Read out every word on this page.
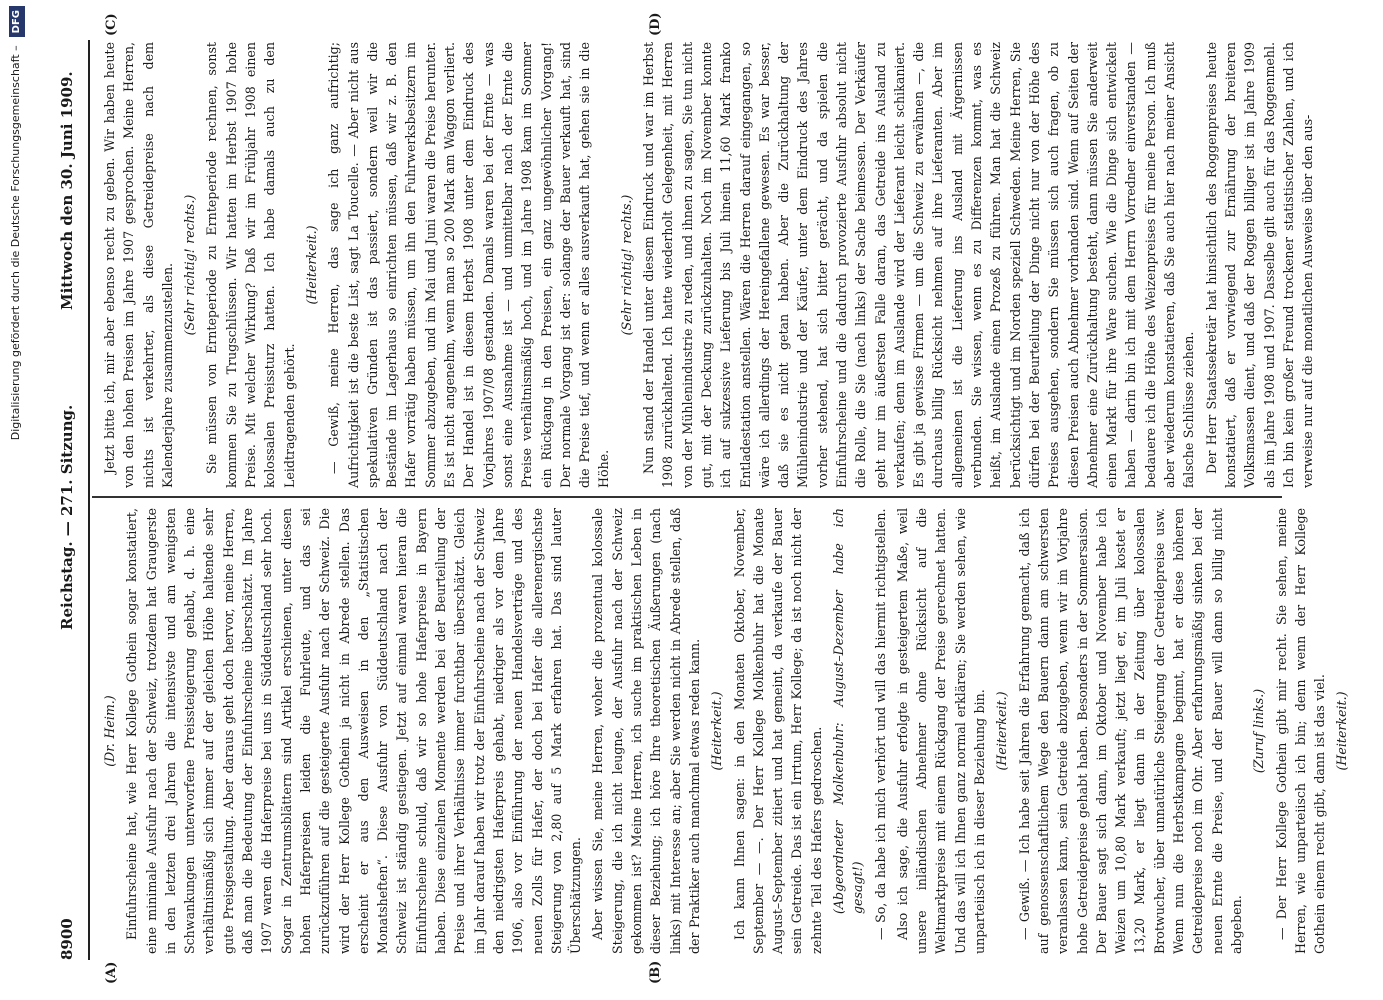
8900
Reichstag. — 271. Sitzung.
Mittwoch den 30. Juni 1909.
(A)	(B)
(C)	(D)

(Dr. Heim.) Einfuhrscheine hat, wie Herr Kollege Gothein sogar konstatiert, eine minimale Ausfuhr nach der Schweiz, trotzdem hat Graugerste in den letzten drei Jahren die intensivste und am wenigsten Schwankungen unterworfene Preissteigerung gehabt, d. h. eine verhältnismäßig sich immer auf der gleichen Höhe haltende sehr gute Preisgestaltung. Aber daraus geht doch hervor, meine Herren, daß man die Bedeutung der Einfuhrscheine überschätzt. Im Jahre 1907 waren die Haferpreise bei uns in Süddeutschland sehr hoch. Sogar in Zentrumsblättern sind Artikel erschienen, unter diesen hohen Haferpreisen leiden die Fuhrleute, und das sei zurückzuführen auf die gesteigerte Ausfuhr nach der Schweiz. Die wird der Herr Kollege Gothein ja nicht in Abrede stellen. Das erscheint er aus den Ausweisen in den „Statistischen Monatsheften“. Diese Ausfuhr von Süddeutschland nach der Schweiz ist ständig gestiegen. Jetzt auf einmal waren hieran die Einfuhrscheine schuld, daß wir so hohe Haferpreise in Bayern haben. Diese einzelnen Momente werden bei der Beurteilung der Preise und ihrer Verhältnisse immer furchtbar überschätzt. Gleich im Jahr darauf haben wir trotz der Einfuhrscheine nach der Schweiz den niedrigsten Haferpreis gehabt, niedriger als vor dem Jahre 1906, also vor Einführung der neuen Handelsverträge und des neuen Zolls für Hafer, der doch bei Hafer die allerenergischste Steigerung von 2,80 auf 5 Mark erfahren hat. Das sind lauter Überschätzungen. Aber wissen Sie, meine Herren, woher die prozentual kolossale Steigerung, die ich nicht leugne, der Ausfuhr nach der Schweiz gekommen ist? Meine Herren, ich suche im praktischen Leben in dieser Beziehung; ich höre Ihre theoretischen Äußerungen (nach links) mit Interesse an; aber Sie werden nicht in Abrede stellen, daß der Praktiker auch manchmal etwas reden kann. (Heiterkeit.) Ich kann Ihnen sagen: in den Monaten Oktober, November, September — —. Der Herr Kollege Molkenbuhr hat die Monate August–September zitiert und hat gemeint, da verkaufe der Bauer sein Getreide. Das ist ein Irrtum, Herr Kollege; da ist noch nicht der zehnte Teil des Hafers gedroschen. (Abgeordneter Molkenbuhr: August–Dezember habe ich gesagt!) — So, da habe ich mich verhört und will das hiermit richtigstellen. Also ich sage, die Ausfuhr erfolgte in gesteigertem Maße, weil unsere inländischen Abnehmer ohne Rücksicht auf die Weltmarktpreise mit einem Rückgang der Preise gerechnet hatten. Und das will ich Ihnen ganz normal erklären; Sie werden sehen, wie unparteiisch ich in dieser Beziehung bin. (Heiterkeit.) — Gewiß. — Ich habe seit Jahren die Erfahrung gemacht, daß ich auf genossenschaftlichem Wege den Bauern dann am schwersten veranlassen kann, sein Getreide abzugeben, wenn wir im Vorjahre hohe Getreidepreise gehabt haben. Besonders in der Sommersaison. Der Bauer sagt sich dann, im Oktober und November habe ich Weizen um 10,80 Mark verkauft; jetzt liegt er, im Juli kostet er 13,20 Mark, er liegt dann in der Zeitung über kolossalen Brotwucher, über unnatürliche Steigerung der Getreidepreise usw. Wenn nun die Herbstkampagne beginnt, hat er diese höheren Getreidepreise noch im Ohr. Aber erfahrungsmäßig sinken bei der neuen Ernte die Preise, und der Bauer will dann so billig nicht abgeben.

(Zuruf links.) — Der Herr Kollege Gothein gibt mir recht. Sie sehen, meine Herren, wie unparteiisch ich bin; denn wenn der Herr Kollege Gothein einem recht gibt, dann ist das viel. (Heiterkeit.)

Jetzt bitte ich, mir aber ebenso recht zu geben. Wir haben heute von den hohen Preisen im Jahre 1907 gesprochen. Meine Herren, nichts ist verkehrter, als diese Getreidepreise nach dem Kalenderjahre zusammenzustellen. (Sehr richtig! rechts.) Sie müssen von Ernteperiode zu Ernteperiode rechnen, sonst kommen Sie zu Trugschlüssen. Wir hatten im Herbst 1907 hohe Preise. Mit welcher Wirkung? Daß wir im Frühjahr 1908 einen kolossalen Preissturz hatten. Ich habe damals auch zu den Leidtragenden gehört.

(Heiterkeit.) — Gewiß, meine Herren, das sage ich ganz aufrichtig; Aufrichtigkeit ist die beste List, sagt La Toucelle. — Aber nicht aus spekulativen Gründen ist das passiert, sondern weil wir die Bestände im Lagerhaus so einrichten müssen, daß wir z. B. den Hafer vorrätig haben müssen, um ihn den Fuhrwerksbesitzern im Sommer abzugeben, und im Mai und Juni waren die Preise herunter. Es ist nicht angenehm, wenn man so 200 Mark am Waggon verliert. Der Handel ist in diesem Herbst 1908 unter dem Eindruck des Vorjahres 1907/08 gestanden. Damals waren bei der Ernte — was sonst eine Ausnahme ist — und unmittelbar nach der Ernte die Preise verhältnismäßig hoch, und im Jahre 1908 kam im Sommer ein Rückgang in den Preisen, ein ganz ungewöhnlicher Vorgang! Der normale Vorgang ist der: solange der Bauer verkauft hat, sind die Preise tief, und wenn er alles ausverkauft hat, gehen sie in die Höhe.

(Sehr richtig! rechts.) Nun stand der Handel unter diesem Eindruck und war im Herbst 1908 zurückhaltend. Ich hatte wiederholt Gelegenheit, mit Herren von der Mühlenindustrie zu reden, und ihnen zu sagen, Sie tun nicht gut, mit der Deckung zurückzuhalten. Noch im November konnte ich auf sukzessive Lieferung bis Juli hinein 11,60 Mark franko Entladestation anstellen. Wären die Herren darauf eingegangen, so wäre ich allerdings der Hereingefallene gewesen. Es war besser, daß sie es nicht getan haben. Aber die Zurückhaltung der Mühlenindustrie und der Käufer, unter dem Eindruck des Jahres vorher stehend, hat sich bitter gerächt, und da spielen die Einfuhrscheine und die dadurch provozierte Ausfuhr absolut nicht die Rolle, die Sie (nach links) der Sache beimessen. Der Verkäufer geht nur im äußersten Falle daran, das Getreide ins Ausland zu verkaufen; denn im Auslande wird der Lieferant leicht schikaniert. Es gibt ja gewisse Firmen — um die Schweiz zu erwähnen —, die durchaus billig Rücksicht nehmen auf ihre Lieferanten. Aber im allgemeinen ist die Lieferung ins Ausland mit Ärgernissen verbunden. Sie wissen, wenn es zu Differenzen kommt, was es heißt, im Auslande einen Prozeß zu führen. Man hat die Schweiz berücksichtigt und im Norden speziell Schweden. Meine Herren, Sie dürfen bei der Beurteilung der Dinge nicht nur von der Höhe des Preises ausgehen, sondern Sie müssen sich auch fragen, ob zu diesen Preisen auch Abnehmer vorhanden sind. Wenn auf Seiten der Abnehmer eine Zurückhaltung besteht, dann müssen Sie anderweit einen Markt für ihre Ware suchen. Wie die Dinge sich entwickelt haben — darin bin ich mit dem Herrn Vorredner einverstanden — bedauere ich die Höhe des Weizenpreises für meine Person. Ich muß aber wiederum konstatieren, daß Sie auch hier nach meiner Ansicht falsche Schlüsse ziehen. Der Herr Staatssekretär hat hinsichtlich des Roggenpreises heute konstatiert, daß er vorwiegend zur Ernährung der breiteren Volksmassen dient, und daß der Roggen billiger ist im Jahre 1909 als im Jahre 1908 und 1907. Dasselbe gilt auch für das Roggenmehl. Ich bin kein großer Freund trockener statistischer Zahlen, und ich verweise nur auf die monatlichen Ausweise über den aus-

Digitalisierung gefördert durch die Deutsche Forschungsgemeinschaft –DFG
